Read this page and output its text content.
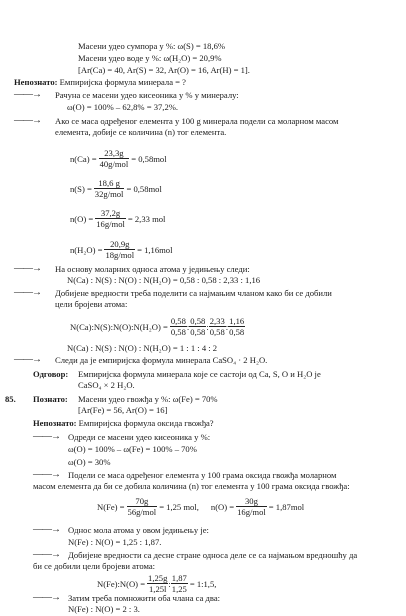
Масени удео сумпора у %: ω(S) = 18,6%
Масени удео воде у %: ω(H₂O) = 20,9%
[Ar(Ca) = 40, Ar(S) = 32, Ar(O) = 16, Ar(H) = 1].
Непознато: Емпиријска формула минерала = ?
——→ Рачуна се масени удео кисеоника у % у минералу:
ω(O) = 100% – 62,8% = 37,2%.
——→ Ако се маса одређеног елемента у 100 g минерала подели са моларном масом
елемента, добије се количина (n) тог елемента.
$n(Ca) = \frac{23,3g}{\text{40g/mol}} = 0,58mol$
$n(S) = \frac{18,6 g}{\text{32g/mol}} = 0,58mol$
$n(O) = \frac{37,2g}{\text{16g/mol}} = 2,33$ mol
$n(H_2O) = \frac{20,9g}{\text{18g/mol}} = 1,16mol$
——→ На основу моларних односа атома у једињењу следи:
N(Ca) : N(S) : N(O) : N(H₂O) = 0,58 : 0,58 : 2,33 : 1,16
——→ Добијене вредности треба поделити са најмањим чланом како би се добили
цели бројеви атома:
N(Ca):N(S):N(O):N(H₂O) = $\frac{0,58}{0,58}$ : $\frac{0,58}{0,58}$ : $\frac{2,33}{0,58}$ : $\frac{1,16}{0,58}$
N(Ca) : N(S) : N(O) : N(H₂O) = 1 : 1 : 4 : 2
——→ Следи да је емпиријска формула минерала CaSO₄ · 2 H₂O.
Одговор: Емпиријска формула минерала које се састоји од Ca, S, O и H₂O је
CaSO₄ × 2 H₂O.
85. Познато: Масени удео гвожђа у %: ω(Fe) = 70%
[Ar(Fe) = 56, Ar(O) = 16]
Непознато: Емпиријска формула оксида гвожђа?
——→ Одреди се масени удео кисеоника у %:
ω(O) = 100% – ω(Fe) = 100% – 70%
ω(O) = 30%
——→ Подели се маса одређеног елемента у 100 грама оксида гвожђа моларном
масом елемента да би се добила количина (n) тог елемента у 100 грама оксида гвожђа:
$N(Fe) = \frac{70g}{\text{56g/mol}} = 1,25$ mol, $n(O) = \frac{30g}{\text{16g/mol}} = 1,87mol$
——→ Однос мола атома у овом једињењу је:
N(Fe) : N(O) = 1,25 : 1,87.
——→ Добијене вредности са десне стране односа деле се са најмањом вредношћу да
би се добили цели бројеви атома:
N(Fe):N(O) = $\frac{1,25g}{1,25l}$ : $\frac{1,87}{1,25}$ = 1:1,5,
——→ Затим треба помножити оба члана са два:
N(Fe) : N(O) = 2 : 3.
